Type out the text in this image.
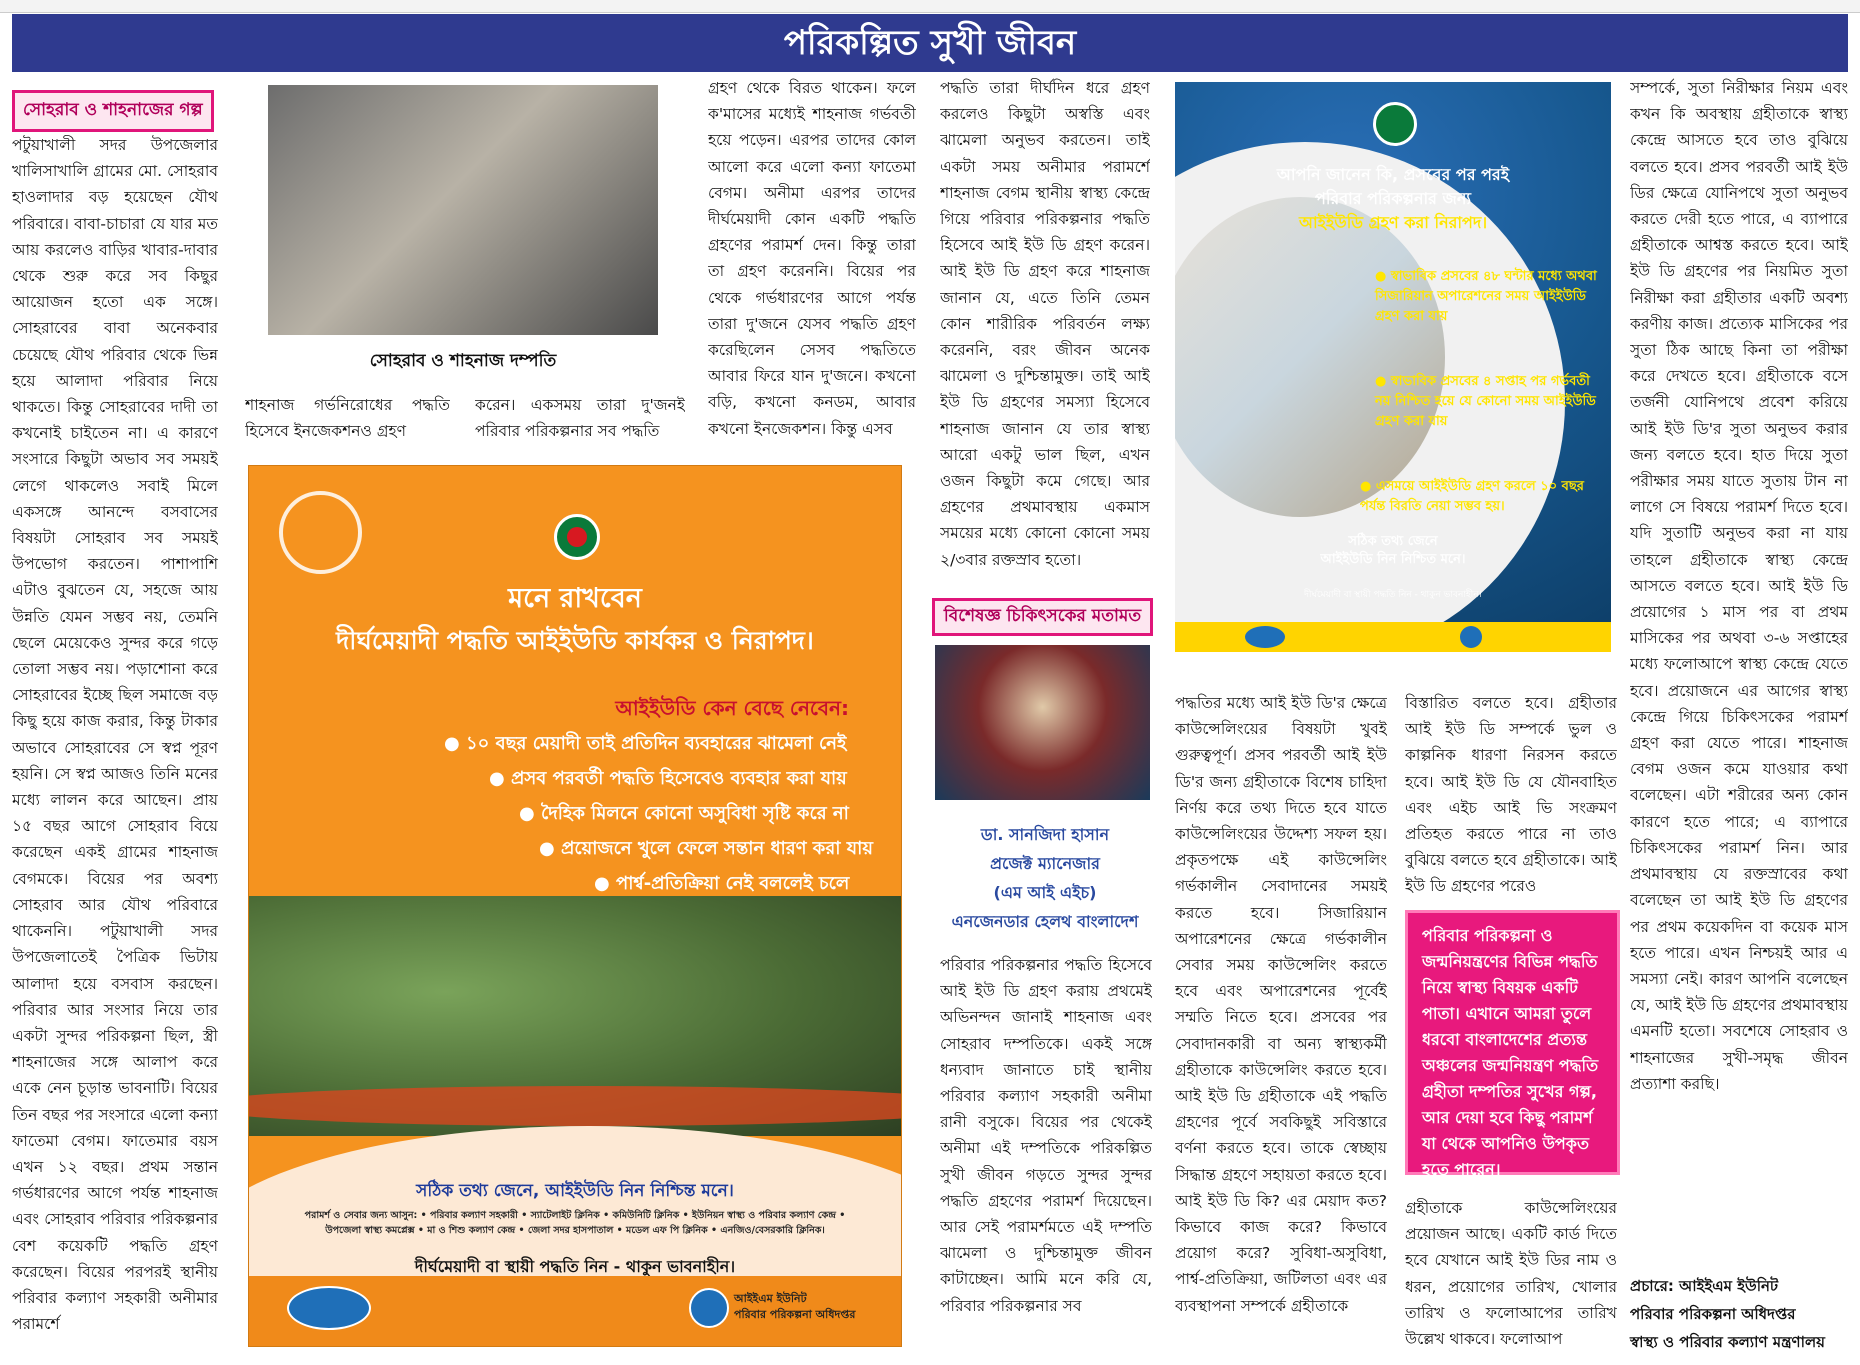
পরিকল্পিত সুখী জীবন
সোহরাব ও শাহনাজের গল্প
পটুয়াখালী সদর উপজেলার খালিসাখালি গ্রামের মো. সোহরাব হাওলাদার বড় হয়েছেন যৌথ পরিবারে। বাবা-চাচারা যে যার মত আয় করলেও বাড়ির খাবার-দাবার থেকে শুরু করে সব কিছুর আয়োজন হতো এক সঙ্গে। সোহরাবের বাবা অনেকবার চেয়েছে যৌথ পরিবার থেকে ভিন্ন হয়ে আলাদা পরিবার নিয়ে থাকতে। কিন্তু সোহরাবের দাদী তা কখনোই চাইতেন না। এ কারণে সংসারে কিছুটা অভাব সব সময়ই লেগে থাকলেও সবাই মিলে একসঙ্গে আনন্দে বসবাসের বিষয়টা সোহরাব সব সময়ই উপভোগ করতেন। পাশাপাশি এটাও বুঝতেন যে, সহজে আয় উন্নতি যেমন সম্ভব নয়, তেমনি ছেলে মেয়েকেও সুন্দর করে গড়ে তোলা সম্ভব নয়। পড়াশোনা করে সোহরাবের ইচ্ছে ছিল সমাজে বড় কিছু হয়ে কাজ করার, কিন্তু টাকার অভাবে সোহরাবের সে স্বপ্ন পূরণ হয়নি। সে স্বপ্ন আজও তিনি মনের মধ্যে লালন করে আছেন। প্রায় ১৫ বছর আগে সোহরাব বিয়ে করেছেন একই গ্রামের শাহনাজ বেগমকে। বিয়ের পর অবশ্য সোহরাব আর যৌথ পরিবারে থাকেননি। পটুয়াখালী সদর উপজেলাতেই পৈত্রিক ভিটায় আলাদা হয়ে বসবাস করছেন। পরিবার আর সংসার নিয়ে তার একটা সুন্দর পরিকল্পনা ছিল, স্ত্রী শাহনাজের সঙ্গে আলাপ করে একে নেন চূড়ান্ত ভাবনাটি। বিয়ের তিন বছর পর সংসারে এলো কন্যা ফাতেমা বেগম। ফাতেমার বয়স এখন ১২ বছর। প্রথম সন্তান গর্ভধারণের আগে পর্যন্ত শাহনাজ এবং সোহরাব পরিবার পরিকল্পনার বেশ কয়েকটি পদ্ধতি গ্রহণ করেছেন। বিয়ের পরপরই স্থানীয় পরিবার কল্যাণ সহকারী অনীমার পরামর্শে
সোহরাব ও শাহনাজ দম্পতি
শাহনাজ গর্ভনিরোধের পদ্ধতি হিসেবে ইনজেকশনও গ্রহণ
করেন। একসময় তারা দু'জনই পরিবার পরিকল্পনার সব পদ্ধতি
গ্রহণ থেকে বিরত থাকেন। ফলে ক'মাসের মধ্যেই শাহনাজ গর্ভবতী হয়ে পড়েন। এরপর তাদের কোল আলো করে এলো কন্যা ফাতেমা বেগম। অনীমা এরপর তাদের দীর্ঘমেয়াদী কোন একটি পদ্ধতি গ্রহণের পরামর্শ দেন। কিন্তু তারা তা গ্রহণ করেননি। বিয়ের পর থেকে গর্ভধারণের আগে পর্যন্ত তারা দু'জনে যেসব পদ্ধতি গ্রহণ করেছিলেন সেসব পদ্ধতিতে আবার ফিরে যান দু'জনে। কখনো বড়ি, কখনো কনডম, আবার কখনো ইনজেকশন। কিন্তু এসব
মনে রাখবেন
দীর্ঘমেয়াদী পদ্ধতি আইইউডি কার্যকর ও নিরাপদ।
আইইউডি কেন বেছে নেবেন:
● ১০ বছর মেয়াদী তাই প্রতিদিন ব্যবহারের ঝামেলা নেই
● প্রসব পরবর্তী পদ্ধতি হিসেবেও ব্যবহার করা যায়
● দৈহিক মিলনে কোনো অসুবিধা সৃষ্টি করে না
● প্রয়োজনে খুলে ফেলে সন্তান ধারণ করা যায়
● পার্শ্ব-প্রতিক্রিয়া নেই বললেই চলে
সঠিক তথ্য জেনে, আইইউডি নিন নিশ্চিন্ত মনে।
পরামর্শ ও সেবার জন্য আসুন: • পরিবার কল্যাণ সহকারী • স্যাটেলাইট ক্লিনিক • কমিউনিটি ক্লিনিক • ইউনিয়ন স্বাস্থ্য ও পরিবার কল্যাণ কেন্দ্র • উপজেলা স্বাস্থ্য কমপ্লেক্স • মা ও শিশু কল্যাণ কেন্দ্র • জেলা সদর হাসপাতাল • মডেল এফ পি ক্লিনিক • এনজিও/বেসরকারি ক্লিনিক।
দীর্ঘমেয়াদী বা স্থায়ী পদ্ধতি নিন - থাকুন ভাবনাহীন।
আইইএম ইউনিট
পরিবার পরিকল্পনা অধিদপ্তর
পদ্ধতি তারা দীর্ঘদিন ধরে গ্রহণ করলেও কিছুটা অস্বস্তি এবং ঝামেলা অনুভব করতেন। তাই একটা সময় অনীমার পরামর্শে শাহনাজ বেগম স্থানীয় স্বাস্থ্য কেন্দ্রে গিয়ে পরিবার পরিকল্পনার পদ্ধতি হিসেবে আই ইউ ডি গ্রহণ করেন। আই ইউ ডি গ্রহণ করে শাহনাজ জানান যে, এতে তিনি তেমন কোন শারীরিক পরিবর্তন লক্ষ্য করেননি, বরং জীবন অনেক ঝামেলা ও দুশ্চিন্তামুক্ত। তাই আই ইউ ডি গ্রহণের সমস্যা হিসেবে শাহনাজ জানান যে তার স্বাস্থ্য আরো একটু ভাল ছিল, এখন ওজন কিছুটা কমে গেছে। আর গ্রহণের প্রথমাবস্থায় একমাস সময়ের মধ্যে কোনো কোনো সময় ২/৩বার রক্তস্রাব হতো।
বিশেষজ্ঞ চিকিৎসকের মতামত
ডা. সানজিদা হাসান
প্রজেক্ট ম্যানেজার
(এম আই এইচ)
এনজেনডার হেলথ বাংলাদেশ
পরিবার পরিকল্পনার পদ্ধতি হিসেবে আই ইউ ডি গ্রহণ করায় প্রথমেই অভিনন্দন জানাই শাহনাজ এবং সোহরাব দম্পতিকে। একই সঙ্গে ধন্যবাদ জানাতে চাই স্থানীয় পরিবার কল্যাণ সহকারী অনীমা রানী বসুকে। বিয়ের পর থেকেই অনীমা এই দম্পতিকে পরিকল্পিত সুখী জীবন গড়তে সুন্দর সুন্দর পদ্ধতি গ্রহণের পরামর্শ দিয়েছেন। আর সেই পরামর্শমতে এই দম্পতি ঝামেলা ও দুশ্চিন্তামুক্ত জীবন কাটাচ্ছেন। আমি মনে করি যে, পরিবার পরিকল্পনার সব
আপনি জানেন কি, প্রসবের পর পরই
পরিবার পরিকল্পনার জন্য
আইইউডি গ্রহণ করা নিরাপদ।
● স্বাভাবিক প্রসবের ৪৮ ঘন্টার মধ্যে অথবা সিজারিয়ান অপারেশনের সময় আইইউডি গ্রহণ করা যায়
● স্বাভাবিক প্রসবের ৪ সপ্তাহ পর গর্ভবতী নয় নিশ্চিত হয়ে যে কোনো সময় আইইউডি গ্রহণ করা যায়
● এসময়ে আইইউডি গ্রহণ করলে ১০ বছর পর্যন্ত বিরতি নেয়া সম্ভব হয়।
সঠিক তথ্য জেনে
আইইউডি নিন নিশ্চিত মনে।
দীর্ঘমেয়াদী বা স্থায়ী পদ্ধতি নিন - থাকুন ভাবনাহীন।
পদ্ধতির মধ্যে আই ইউ ডি'র ক্ষেত্রে কাউন্সেলিংয়ের বিষয়টা খুবই গুরুত্বপূর্ণ। প্রসব পরবর্তী আই ইউ ডি'র জন্য গ্রহীতাকে বিশেষ চাহিদা নির্ণয় করে তথ্য দিতে হবে যাতে কাউন্সেলিংয়ের উদ্দেশ্য সফল হয়। প্রকৃতপক্ষে এই কাউন্সেলিং গর্ভকালীন সেবাদানের সময়ই করতে হবে। সিজারিয়ান অপারেশনের ক্ষেত্রে গর্ভকালীন সেবার সময় কাউন্সেলিং করতে হবে এবং অপারেশনের পূর্বেই সম্মতি নিতে হবে। প্রসবের পর সেবাদানকারী বা অন্য স্বাস্থ্যকর্মী গ্রহীতাকে কাউন্সেলিং করতে হবে। আই ইউ ডি গ্রহীতাকে এই পদ্ধতি গ্রহণের পূর্বে সবকিছুই সবিস্তারে বর্ণনা করতে হবে। তাকে স্বেচ্ছায় সিদ্ধান্ত গ্রহণে সহায়তা করতে হবে। আই ইউ ডি কি? এর মেয়াদ কত? কিভাবে কাজ করে? কিভাবে প্রয়োগ করে? সুবিধা-অসুবিধা, পার্শ্ব-প্রতিক্রিয়া, জটিলতা এবং এর ব্যবস্থাপনা সম্পর্কে গ্রহীতাকে
বিস্তারিত বলতে হবে। গ্রহীতার আই ইউ ডি সম্পর্কে ভুল ও কাল্পনিক ধারণা নিরসন করতে হবে। আই ইউ ডি যে যৌনবাহিত এবং এইচ আই ভি সংক্রমণ প্রতিহত করতে পারে না তাও বুঝিয়ে বলতে হবে গ্রহীতাকে। আই ইউ ডি গ্রহণের পরেও
পরিবার পরিকল্পনা ও জন্মনিয়ন্ত্রণের বিভিন্ন পদ্ধতি নিয়ে স্বাস্থ্য বিষয়ক একটি পাতা। এখানে আমরা তুলে ধরবো বাংলাদেশের প্রত্যন্ত অঞ্চলের জন্মনিয়ন্ত্রণ পদ্ধতি গ্রহীতা দম্পতির সুখের গল্প, আর দেয়া হবে কিছু পরামর্শ যা থেকে আপনিও উপকৃত হতে পারেন।
গ্রহীতাকে কাউন্সেলিংয়ের প্রয়োজন আছে। একটি কার্ড দিতে হবে যেখানে আই ইউ ডির নাম ও ধরন, প্রয়োগের তারিখ, খোলার তারিখ ও ফলোআপের তারিখ উল্লেখ থাকবে। ফলোআপ
সম্পর্কে, সুতা নিরীক্ষার নিয়ম এবং কখন কি অবস্থায় গ্রহীতাকে স্বাস্থ্য কেন্দ্রে আসতে হবে তাও বুঝিয়ে বলতে হবে। প্রসব পরবর্তী আই ইউ ডির ক্ষেত্রে যোনিপথে সুতা অনুভব করতে দেরী হতে পারে, এ ব্যাপারে গ্রহীতাকে আশ্বস্ত করতে হবে। আই ইউ ডি গ্রহণের পর নিয়মিত সুতা নিরীক্ষা করা গ্রহীতার একটি অবশ্য করণীয় কাজ। প্রত্যেক মাসিকের পর সুতা ঠিক আছে কিনা তা পরীক্ষা করে দেখতে হবে। গ্রহীতাকে বসে তর্জনী যোনিপথে প্রবেশ করিয়ে আই ইউ ডি'র সুতা অনুভব করার জন্য বলতে হবে। হাত দিয়ে সুতা পরীক্ষার সময় যাতে সুতায় টান না লাগে সে বিষয়ে পরামর্শ দিতে হবে। যদি সুতাটি অনুভব করা না যায় তাহলে গ্রহীতাকে স্বাস্থ্য কেন্দ্রে আসতে বলতে হবে। আই ইউ ডি প্রয়োগের ১ মাস পর বা প্রথম মাসিকের পর অথবা ৩-৬ সপ্তাহের মধ্যে ফলোআপে স্বাস্থ্য কেন্দ্রে যেতে হবে। প্রয়োজনে এর আগের স্বাস্থ্য কেন্দ্রে গিয়ে চিকিৎসকের পরামর্শ গ্রহণ করা যেতে পারে। শাহনাজ বেগম ওজন কমে যাওয়ার কথা বলেছেন। এটা শরীরের অন্য কোন কারণে হতে পারে; এ ব্যাপারে চিকিৎসকের পরামর্শ নিন। আর প্রথমাবস্থায় যে রক্তস্রাবের কথা বলেছেন তা আই ইউ ডি গ্রহণের পর প্রথম কয়েকদিন বা কয়েক মাস হতে পারে। এখন নিশ্চয়ই আর এ সমস্যা নেই। কারণ আপনি বলেছেন যে, আই ইউ ডি গ্রহণের প্রথমাবস্থায় এমনটি হতো। সবশেষে সোহরাব ও শাহনাজের সুখী-সমৃদ্ধ জীবন প্রত্যাশা করছি।
প্রচারে: আইইএম ইউনিট
পরিবার পরিকল্পনা অধিদপ্তর
স্বাস্থ্য ও পরিবার কল্যাণ মন্ত্রণালয়
